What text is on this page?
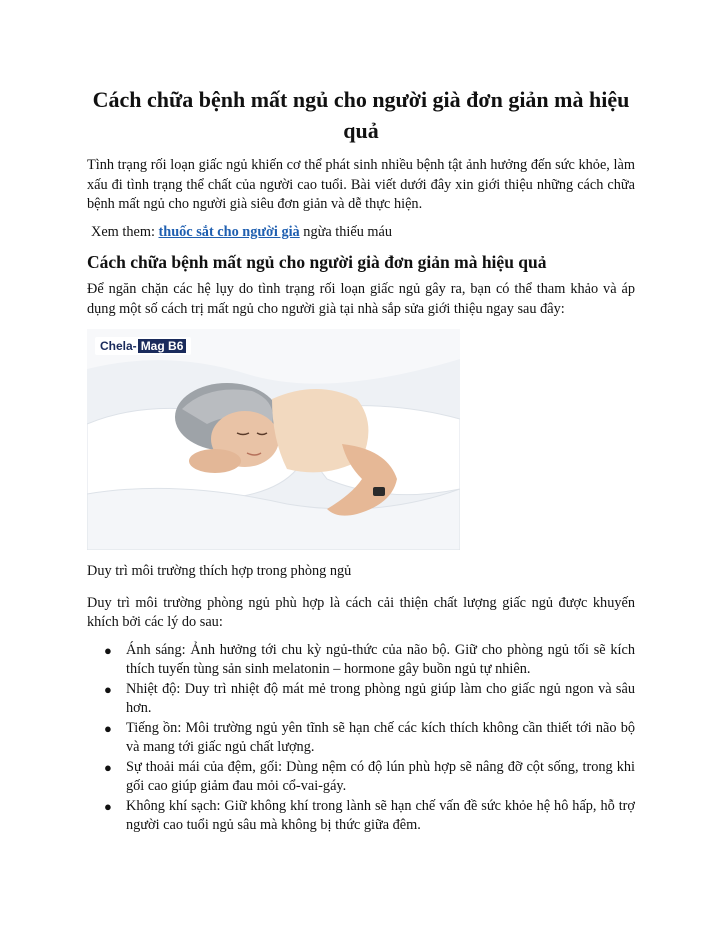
Cách chữa bệnh mất ngủ cho người già đơn giản mà hiệu quả

Tình trạng rối loạn giấc ngủ khiến cơ thể phát sinh nhiều bệnh tật ảnh hưởng đến sức khỏe, làm xấu đi tình trạng thể chất của người cao tuổi. Bài viết dưới đây xin giới thiệu những cách chữa bệnh mất ngủ cho người già siêu đơn giản và dễ thực hiện.

Xem them: thuốc sắt cho người già ngừa thiếu máu

Cách chữa bệnh mất ngủ cho người già đơn giản mà hiệu quả

Để ngăn chặn các hệ lụy do tình trạng rối loạn giấc ngủ gây ra, bạn có thể tham khảo và áp dụng một số cách trị mất ngủ cho người già tại nhà sắp sửa giới thiệu ngay sau đây:

Chela- Mag B6

Duy trì môi trường thích hợp trong phòng ngủ

Duy trì môi trường phòng ngủ phù hợp là cách cải thiện chất lượng giấc ngủ được khuyến khích bởi các lý do sau:

● Ánh sáng: Ảnh hưởng tới chu kỳ ngủ-thức của não bộ. Giữ cho phòng ngủ tối sẽ kích thích tuyến tùng sản sinh melatonin – hormone gây buồn ngủ tự nhiên.
● Nhiệt độ: Duy trì nhiệt độ mát mẻ trong phòng ngủ giúp làm cho giấc ngủ ngon và sâu hơn.
● Tiếng ồn: Môi trường ngủ yên tĩnh sẽ hạn chế các kích thích không cần thiết tới não bộ và mang tới giấc ngủ chất lượng.
● Sự thoải mái của đệm, gối: Dùng nệm có độ lún phù hợp sẽ nâng đỡ cột sống, trong khi gối cao giúp giảm đau mỏi cổ-vai-gáy.
● Không khí sạch: Giữ không khí trong lành sẽ hạn chế vấn đề sức khỏe hệ hô hấp, hỗ trợ người cao tuổi ngủ sâu mà không bị thức giữa đêm.
